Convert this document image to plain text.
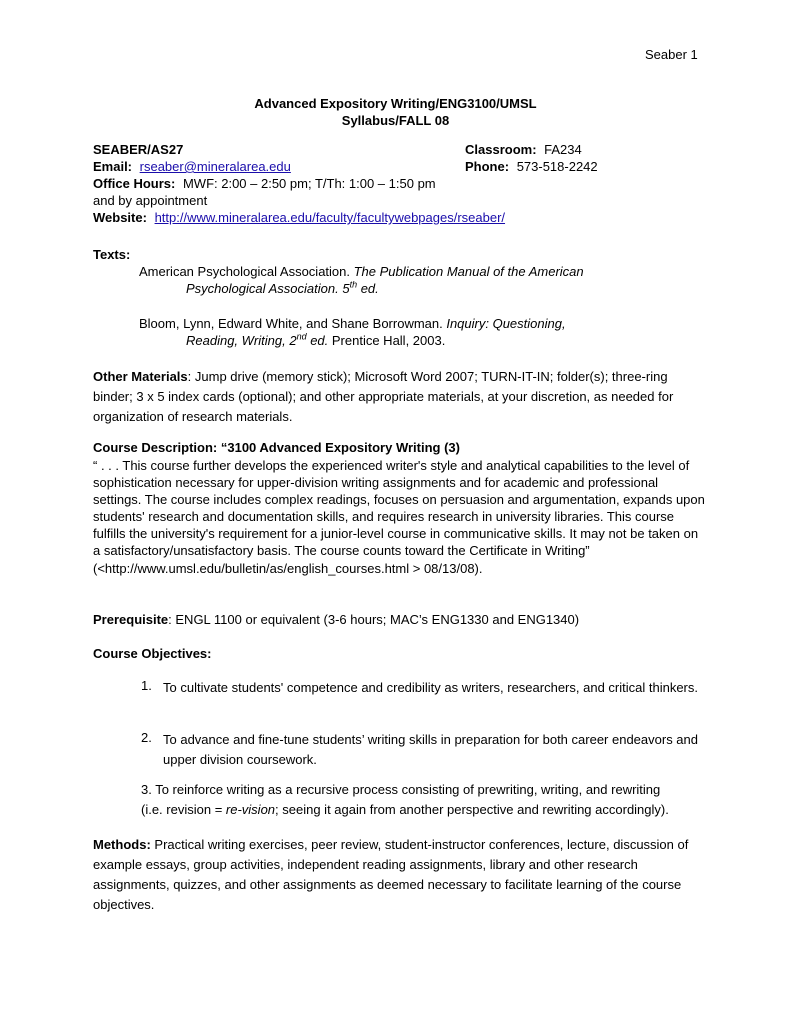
Seaber 1
Advanced Expository Writing/ENG3100/UMSL
Syllabus/FALL 08
SEABER/AS27
Email: rseaber@mineralarea.edu
Office Hours: MWF: 2:00 – 2:50 pm; T/Th: 1:00 – 1:50 pm
and by appointment
Website: http://www.mineralarea.edu/faculty/facultywebpages/rseaber/
Classroom: FA234
Phone: 573-518-2242
Texts:
American Psychological Association. The Publication Manual of the American
Psychological Association. 5th ed.
Bloom, Lynn, Edward White, and Shane Borrowman. Inquiry: Questioning,
Reading, Writing, 2nd ed. Prentice Hall, 2003.
Other Materials: Jump drive (memory stick); Microsoft Word 2007; TURN-IT-IN; folder(s); three-ring binder; 3 x 5 index cards (optional); and other appropriate materials, at your discretion, as needed for organization of research materials.
Course Description: “3100 Advanced Expository Writing (3)
“ . . . This course further develops the experienced writer's style and analytical capabilities to the level of sophistication necessary for upper-division writing assignments and for academic and professional settings. The course includes complex readings, focuses on persuasion and argumentation, expands upon students' research and documentation skills, and requires research in university libraries. This course fulfills the university's requirement for a junior-level course in communicative skills. It may not be taken on a satisfactory/unsatisfactory basis. The course counts toward the Certificate in Writing” (<http://www.umsl.edu/bulletin/as/english_courses.html > 08/13/08).
Prerequisite: ENGL 1100 or equivalent (3-6 hours; MAC’s ENG1330 and ENG1340)
Course Objectives:
1. To cultivate students' competence and credibility as writers, researchers, and critical thinkers.
2. To advance and fine-tune students’ writing skills in preparation for both career endeavors and upper division coursework.
3. To reinforce writing as a recursive process consisting of prewriting, writing, and rewriting
(i.e. revision = re-vision; seeing it again from another perspective and rewriting accordingly).
Methods: Practical writing exercises, peer review, student-instructor conferences, lecture, discussion of example essays, group activities, independent reading assignments, library and other research assignments, quizzes, and other assignments as deemed necessary to facilitate learning of the course objectives.
